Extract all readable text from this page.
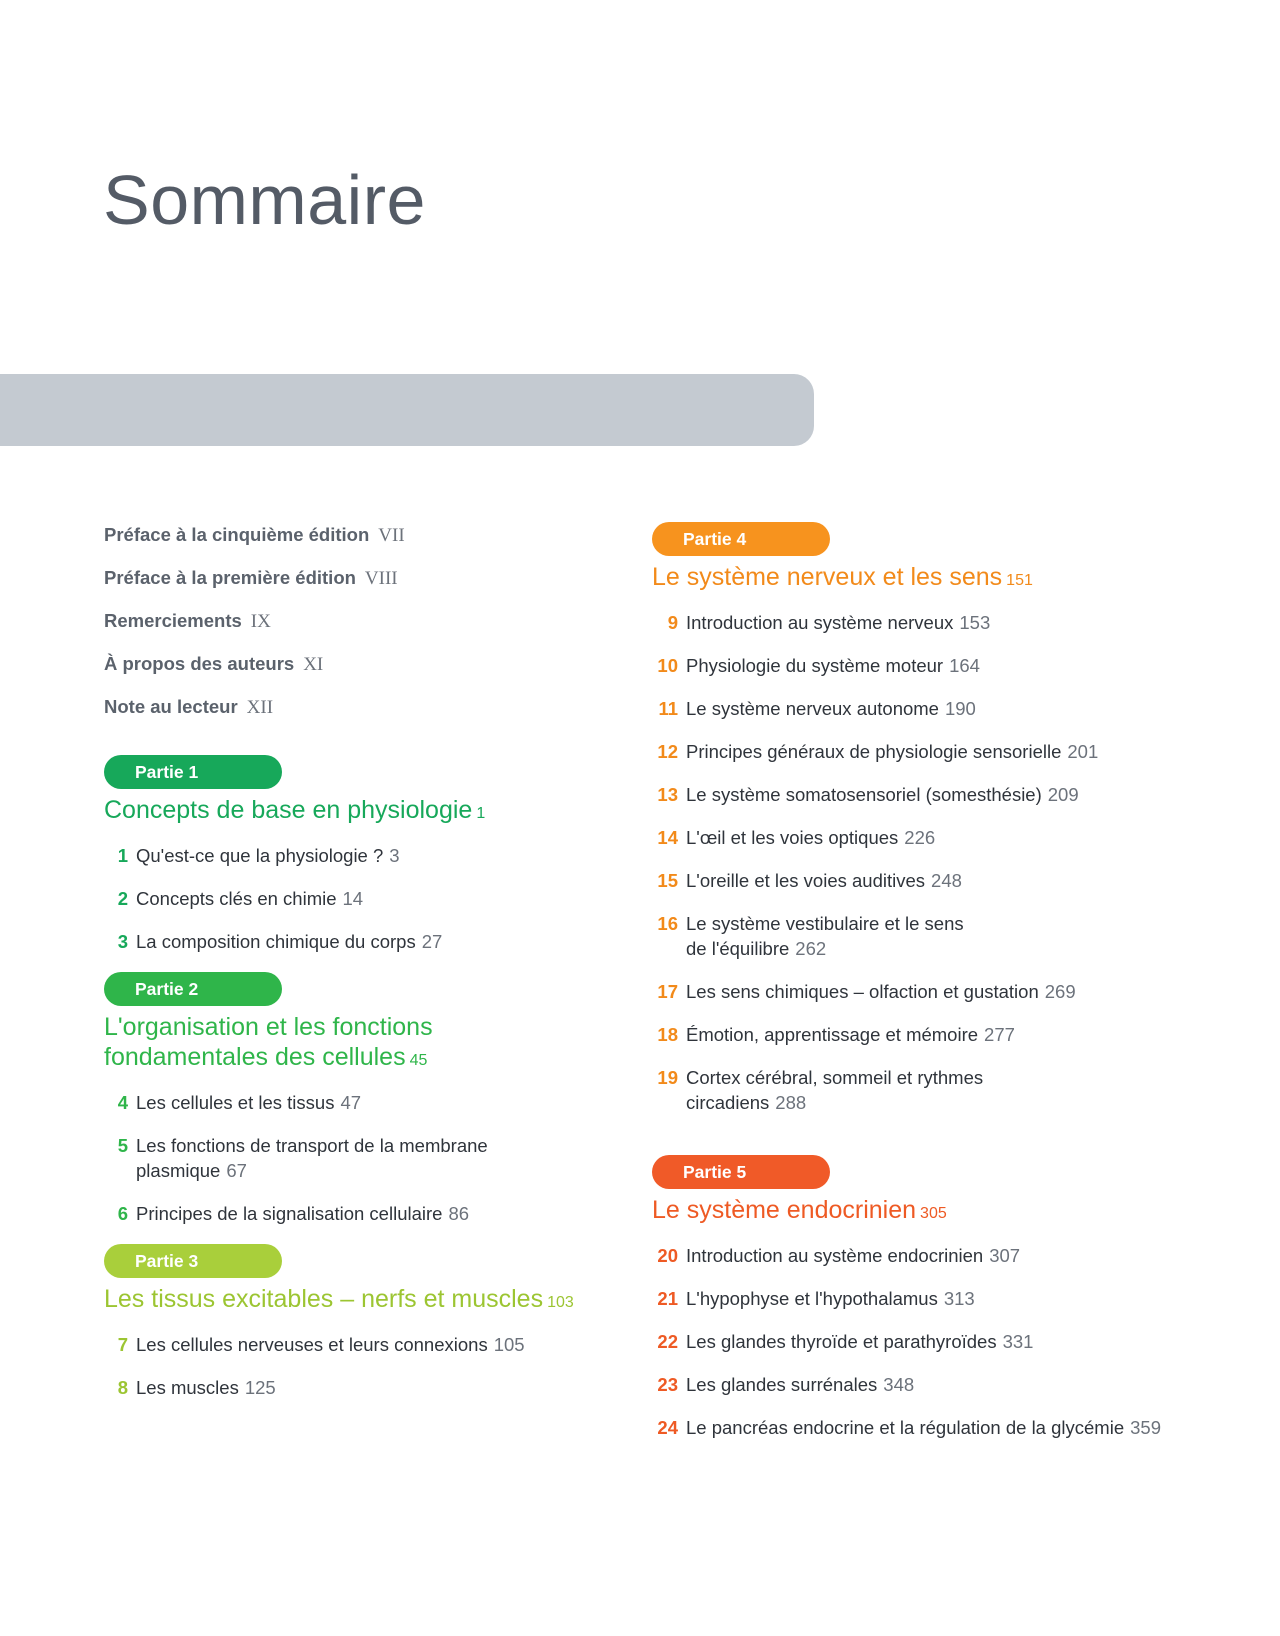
Sommaire
Préface à la cinquième édition VII
Préface à la première édition VIII
Remerciements IX
À propos des auteurs XI
Note au lecteur XII
Partie 1
Concepts de base en physiologie 1
1 Qu'est-ce que la physiologie ? 3
2 Concepts clés en chimie 14
3 La composition chimique du corps 27
Partie 2
L'organisation et les fonctions
fondamentales des cellules 45
4 Les cellules et les tissus 47
5 Les fonctions de transport de la membrane plasmique 67
6 Principes de la signalisation cellulaire 86
Partie 3
Les tissus excitables – nerfs et muscles 103
7 Les cellules nerveuses et leurs connexions 105
8 Les muscles 125
Partie 4
Le système nerveux et les sens 151
9 Introduction au système nerveux 153
10 Physiologie du système moteur 164
11 Le système nerveux autonome 190
12 Principes généraux de physiologie sensorielle 201
13 Le système somatosensoriel (somesthésie) 209
14 L'œil et les voies optiques 226
15 L'oreille et les voies auditives 248
16 Le système vestibulaire et le sens de l'équilibre 262
17 Les sens chimiques – olfaction et gustation 269
18 Émotion, apprentissage et mémoire 277
19 Cortex cérébral, sommeil et rythmes circadiens 288
Partie 5
Le système endocrinien 305
20 Introduction au système endocrinien 307
21 L'hypophyse et l'hypothalamus 313
22 Les glandes thyroïde et parathyroïdes 331
23 Les glandes surrénales 348
24 Le pancréas endocrine et la régulation de la glycémie 359
